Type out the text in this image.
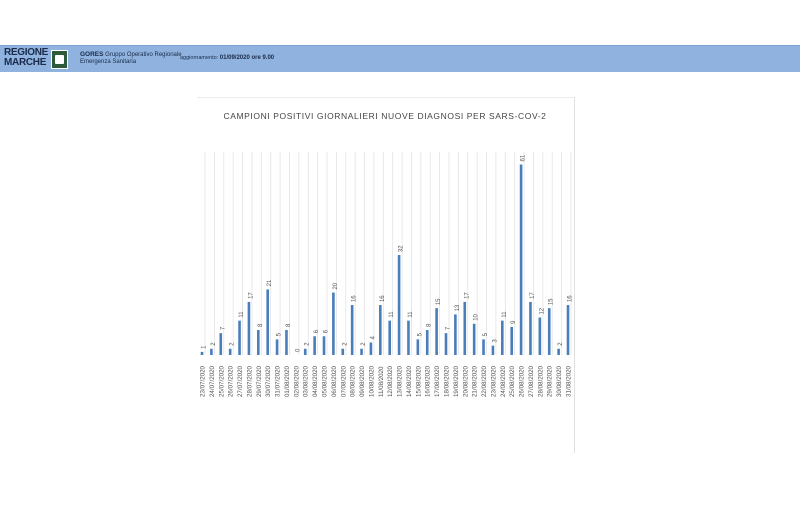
REGIONE
MARCHE
GORES Gruppo Operativo Regionale
Emergenza Sanitaria
aggiornamento: 01/09/2020 ore 9.00
CAMPIONI POSITIVI GIORNALIERI NUOVE DIAGNOSI PER SARS-COV-2
1
23/07/2020
2
24/07/2020
7
25/07/2020
2
26/07/2020
11
27/07/2020
17
28/07/2020
8
29/07/2020
21
30/07/2020
5
31/07/2020
8
01/08/2020
0
02/08/2020
2
03/08/2020
6
04/08/2020
6
05/08/2020
20
06/08/2020
2
07/08/2020
16
08/08/2020
2
09/08/2020
4
10/08/2020
16
11/08/2020
11
12/08/2020
32
13/08/2020
11
14/08/2020
5
15/08/2020
8
16/08/2020
15
17/08/2020
7
18/08/2020
13
19/08/2020
17
20/08/2020
10
21/08/2020
5
22/08/2020
3
23/08/2020
11
24/08/2020
9
25/08/2020
61
26/08/2020
17
27/08/2020
12
28/08/2020
15
29/08/2020
2
30/08/2020
16
31/08/2020
